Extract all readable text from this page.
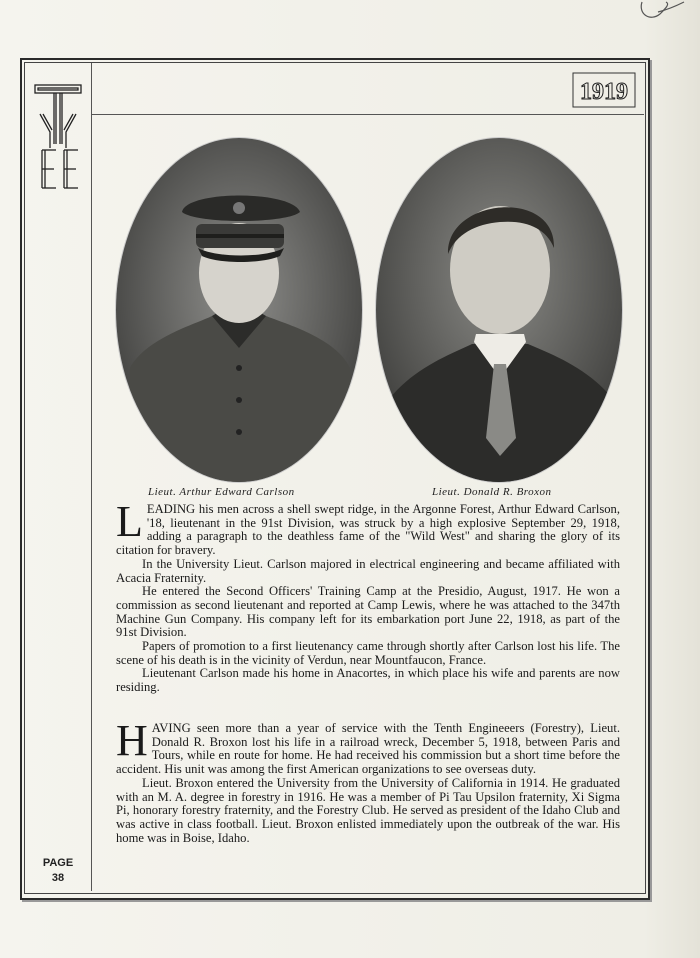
1919
Lieut. Arthur Edward Carlson	Lieut. Donald R. Broxon

LEADING his men across a shell swept ridge, in the Argonne Forest, Arthur Edward Carlson, '18, lieutenant in the 91st Division, was struck by a high explosive September 29, 1918, adding a paragraph to the deathless fame of the "Wild West" and sharing the glory of its citation for bravery.

In the University Lieut. Carlson majored in electrical engineering and became affiliated with Acacia Fraternity.

He entered the Second Officers' Training Camp at the Presidio, August, 1917. He won a commission as second lieutenant and reported at Camp Lewis, where he was attached to the 347th Machine Gun Company. His company left for its embarkation port June 22, 1918, as part of the 91st Division.

Papers of promotion to a first lieutenancy came through shortly after Carlson lost his life. The scene of his death is in the vicinity of Verdun, near Mountfaucon, France.

Lieutenant Carlson made his home in Anacortes, in which place his wife and parents are now residing.

HAVING seen more than a year of service with the Tenth Engineeers (Forestry), Lieut. Donald R. Broxon lost his life in a railroad wreck, December 5, 1918, between Paris and Tours, while en route for home. He had received his commission but a short time before the accident. His unit was among the first American organizations to see overseas duty.

Lieut. Broxon entered the University from the University of California in 1914. He graduated with an M. A. degree in forestry in 1916. He was a member of Pi Tau Upsilon fraternity, Xi Sigma Pi, honorary forestry fraternity, and the Forestry Club. He served as president of the Idaho Club and was active in class football. Lieut. Broxon enlisted immediately upon the outbreak of the war. His home was in Boise, Idaho.

PAGE
38
